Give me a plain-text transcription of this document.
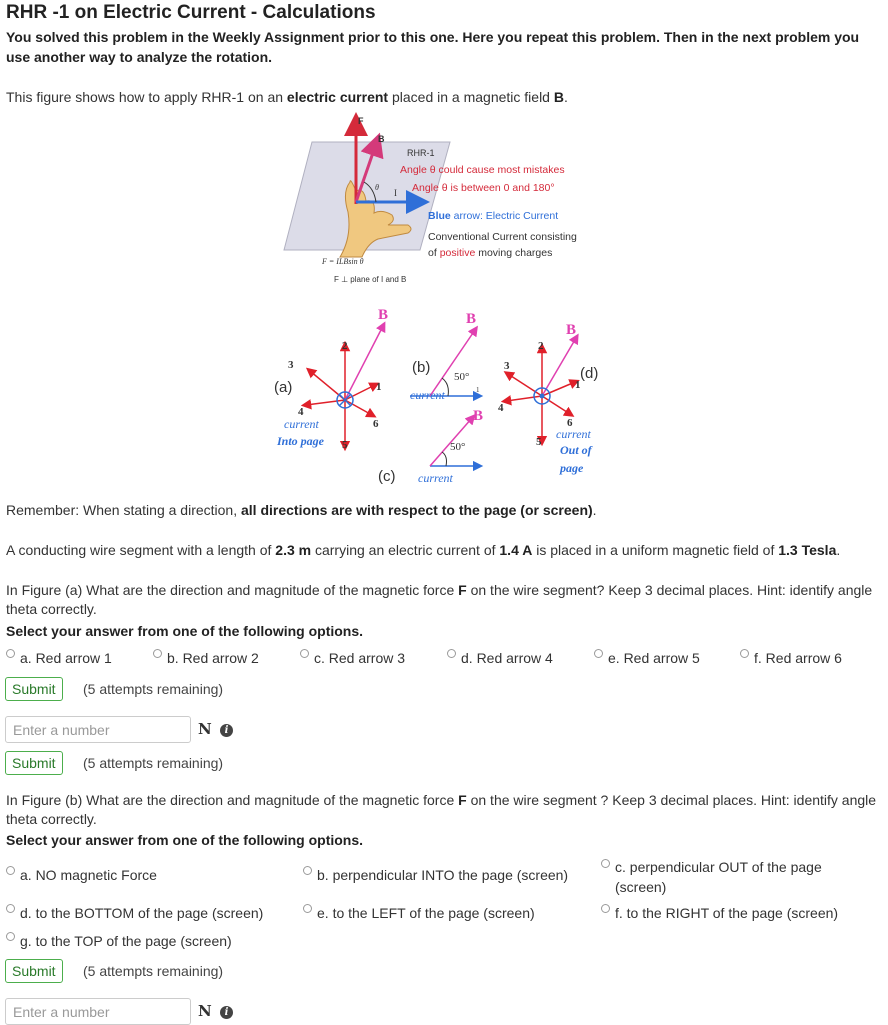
RHR -1 on Electric Current - Calculations
You solved this problem in the Weekly Assignment prior to this one. Here you repeat this problem. Then in the next problem you use another way to analyze the rotation.
This figure shows how to apply RHR-1 on an electric current placed in a magnetic field B.
F
B
RHR-1
θ
I
Angle θ could cause most mistakes
Angle θ is between 0 and 180°
Blue arrow: Electric Current
Conventional Current consisting
of positive moving charges
F = ILBsin θ
F ⊥ plane of I and B
B
2
1
3
4
5
6
(a)
current
Into page
B
(b)
50°
1
current
B
50°
(c) current
B
2
1
3
4
5
6
(d)
current
Out of
page
Remember: When stating a direction, all directions are with respect to the page (or screen).
A conducting wire segment with a length of 2.3 m carrying an electric current of 1.4 A is placed in a uniform magnetic field of 1.3 Tesla.
In Figure (a) What are the direction and magnitude of the magnetic force F on the wire segment? Keep 3 decimal places. Hint: identify angle theta correctly.
Select your answer from one of the following options.
a. Red arrow 1	b. Red arrow 2	c. Red arrow 3	d. Red arrow 4	e. Red arrow 5	f. Red arrow 6
Submit	(5 attempts remaining)
Enter a number
N	i
Submit	(5 attempts remaining)
In Figure (b) What are the direction and magnitude of the magnetic force F on the wire segment ? Keep 3 decimal places. Hint: identify angle theta correctly.
Select your answer from one of the following options.
a. NO magnetic Force	b. perpendicular INTO the page (screen)	c. perpendicular OUT of the page (screen)
d. to the BOTTOM of the page (screen)	e. to the LEFT of the page (screen)	f. to the RIGHT of the page (screen)
g. to the TOP of the page (screen)
Submit	(5 attempts remaining)
Enter a number
N	i
